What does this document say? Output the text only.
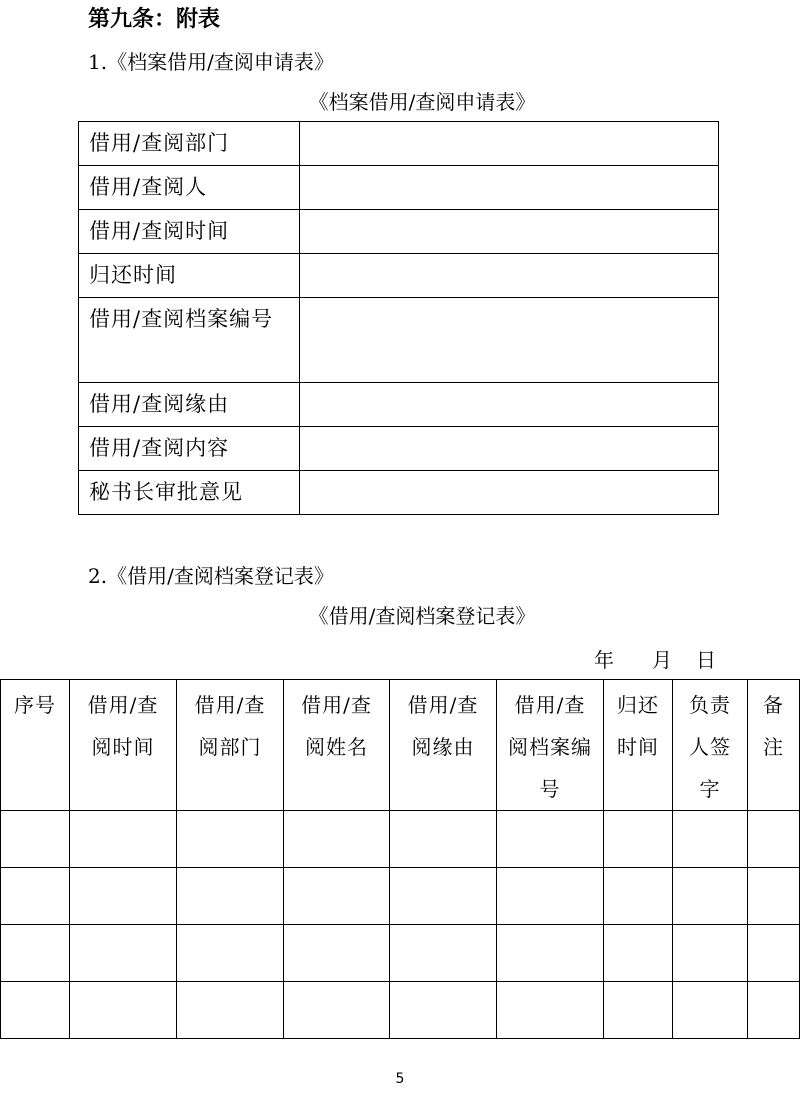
第九条：附表
1.《档案借用/查阅申请表》
《档案借用/查阅申请表》
借用/查阅部门	
借用/查阅人	
借用/查阅时间	
归还时间	
借用/查阅档案编号	
借用/查阅缘由	
借用/查阅内容	
秘书长审批意见	
2.《借用/查阅档案登记表》
《借用/查阅档案登记表》
年 月 日
序号	借用/查阅时间	借用/查阅部门	借用/查阅姓名	借用/查阅缘由	借用/查阅档案编号	归还时间	负责人签字	备注

5
